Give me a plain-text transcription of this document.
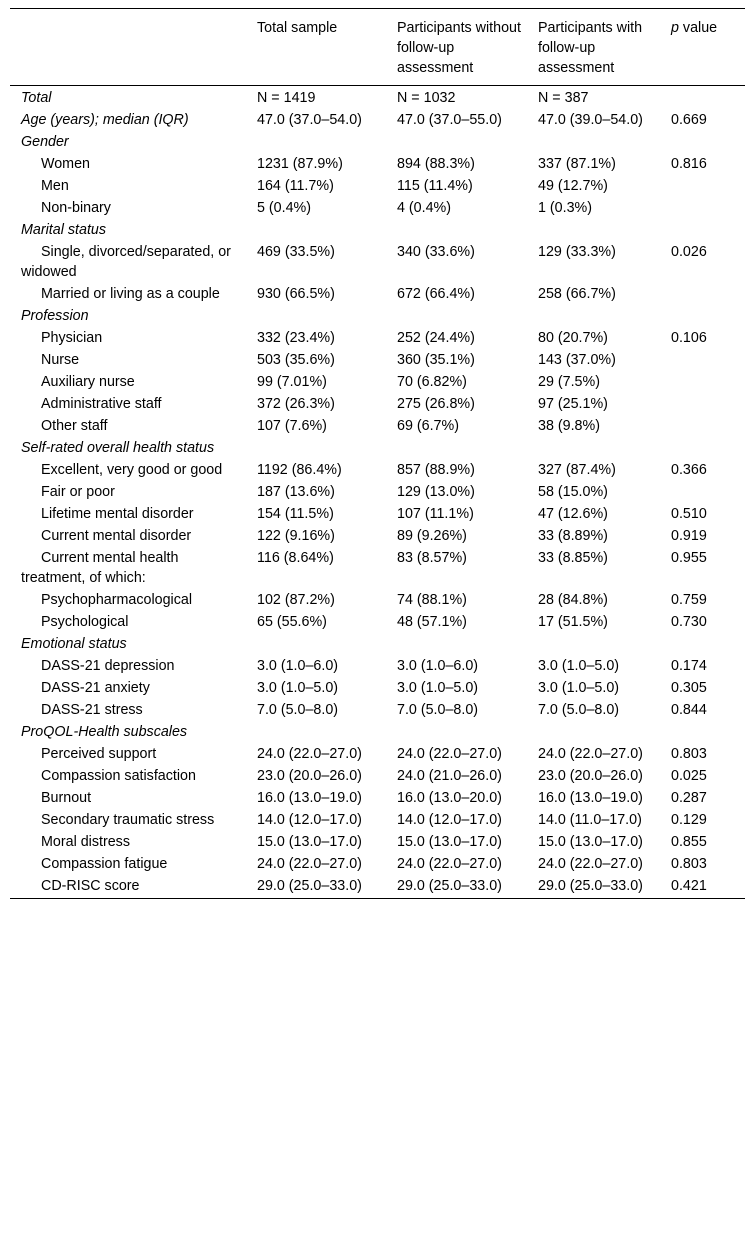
	Total sample	Participants without follow-up assessment	Participants with follow-up assessment	p value
Total	N = 1419	N = 1032	N = 387	
Age (years); median (IQR)	47.0 (37.0–54.0)	47.0 (37.0–55.0)	47.0 (39.0–54.0)	0.669
Gender				
Women	1231 (87.9%)	894 (88.3%)	337 (87.1%)	0.816
Men	164 (11.7%)	115 (11.4%)	49 (12.7%)	
Non-binary	5 (0.4%)	4 (0.4%)	1 (0.3%)	
Marital status				
Single, divorced/separated, or widowed	469 (33.5%)	340 (33.6%)	129 (33.3%)	0.026
Married or living as a couple	930 (66.5%)	672 (66.4%)	258 (66.7%)	
Profession				
Physician	332 (23.4%)	252 (24.4%)	80 (20.7%)	0.106
Nurse	503 (35.6%)	360 (35.1%)	143 (37.0%)	
Auxiliary nurse	99 (7.01%)	70 (6.82%)	29 (7.5%)	
Administrative staff	372 (26.3%)	275 (26.8%)	97 (25.1%)	
Other staff	107 (7.6%)	69 (6.7%)	38 (9.8%)	
Self-rated overall health status				
Excellent, very good or good	1192 (86.4%)	857 (88.9%)	327 (87.4%)	0.366
Fair or poor	187 (13.6%)	129 (13.0%)	58 (15.0%)	
Lifetime mental disorder	154 (11.5%)	107 (11.1%)	47 (12.6%)	0.510
Current mental disorder	122 (9.16%)	89 (9.26%)	33 (8.89%)	0.919
Current mental health treatment, of which:	116 (8.64%)	83 (8.57%)	33 (8.85%)	0.955
Psychopharmacological	102 (87.2%)	74 (88.1%)	28 (84.8%)	0.759
Psychological	65 (55.6%)	48 (57.1%)	17 (51.5%)	0.730
Emotional status				
DASS-21 depression	3.0 (1.0–6.0)	3.0 (1.0–6.0)	3.0 (1.0–5.0)	0.174
DASS-21 anxiety	3.0 (1.0–5.0)	3.0 (1.0–5.0)	3.0 (1.0–5.0)	0.305
DASS-21 stress	7.0 (5.0–8.0)	7.0 (5.0–8.0)	7.0 (5.0–8.0)	0.844
ProQOL-Health subscales				
Perceived support	24.0 (22.0–27.0)	24.0 (22.0–27.0)	24.0 (22.0–27.0)	0.803
Compassion satisfaction	23.0 (20.0–26.0)	24.0 (21.0–26.0)	23.0 (20.0–26.0)	0.025
Burnout	16.0 (13.0–19.0)	16.0 (13.0–20.0)	16.0 (13.0–19.0)	0.287
Secondary traumatic stress	14.0 (12.0–17.0)	14.0 (12.0–17.0)	14.0 (11.0–17.0)	0.129
Moral distress	15.0 (13.0–17.0)	15.0 (13.0–17.0)	15.0 (13.0–17.0)	0.855
Compassion fatigue	24.0 (22.0–27.0)	24.0 (22.0–27.0)	24.0 (22.0–27.0)	0.803
CD-RISC score	29.0 (25.0–33.0)	29.0 (25.0–33.0)	29.0 (25.0–33.0)	0.421
